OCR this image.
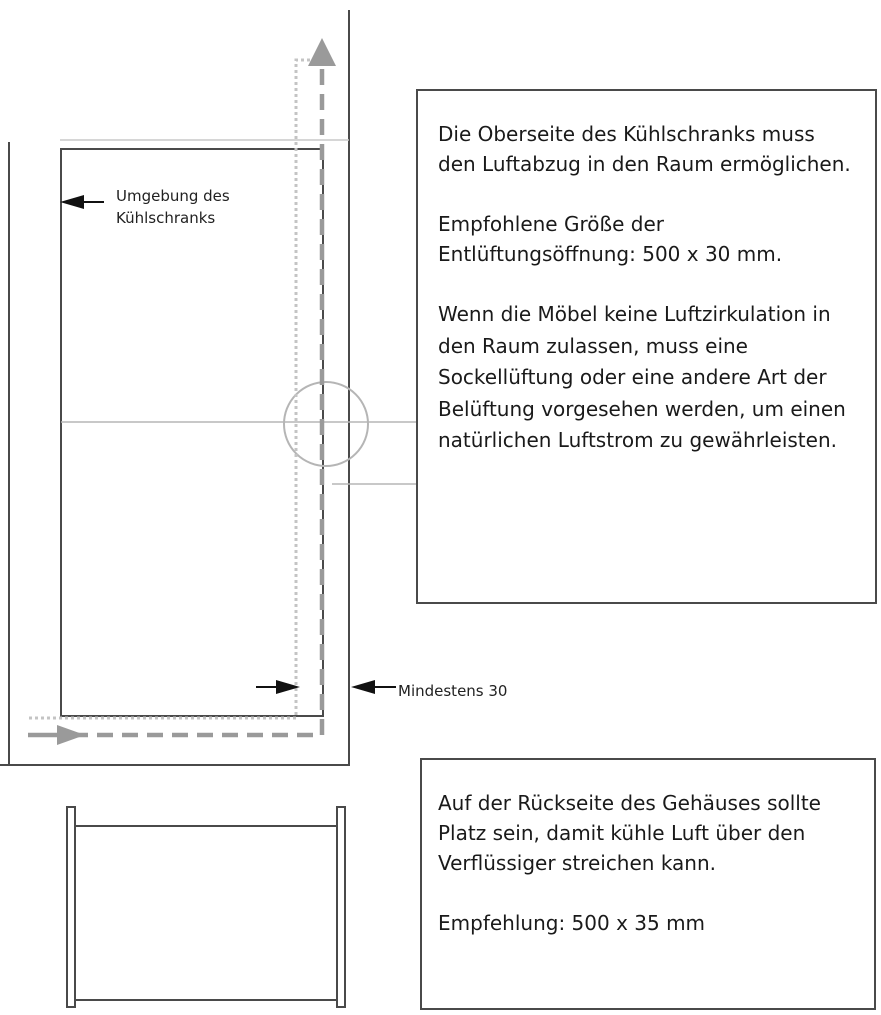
Umgebung des
Kühlschranks
Mindestens 30

Die Oberseite des Kühlschranks muss den Luftabzug in den Raum ermöglichen.

Empfohlene Größe der Entlüftungsöffnung: 500 x 30 mm.

Wenn die Möbel keine Luftzirkulation in den Raum zulassen, muss eine Sockellüftung oder eine andere Art der Belüftung vorgesehen werden, um einen natürlichen Luftstrom zu gewährleisten.

Auf der Rückseite des Gehäuses sollte Platz sein, damit kühle Luft über den Verflüssiger streichen kann.

Empfehlung: 500 x 35 mm
